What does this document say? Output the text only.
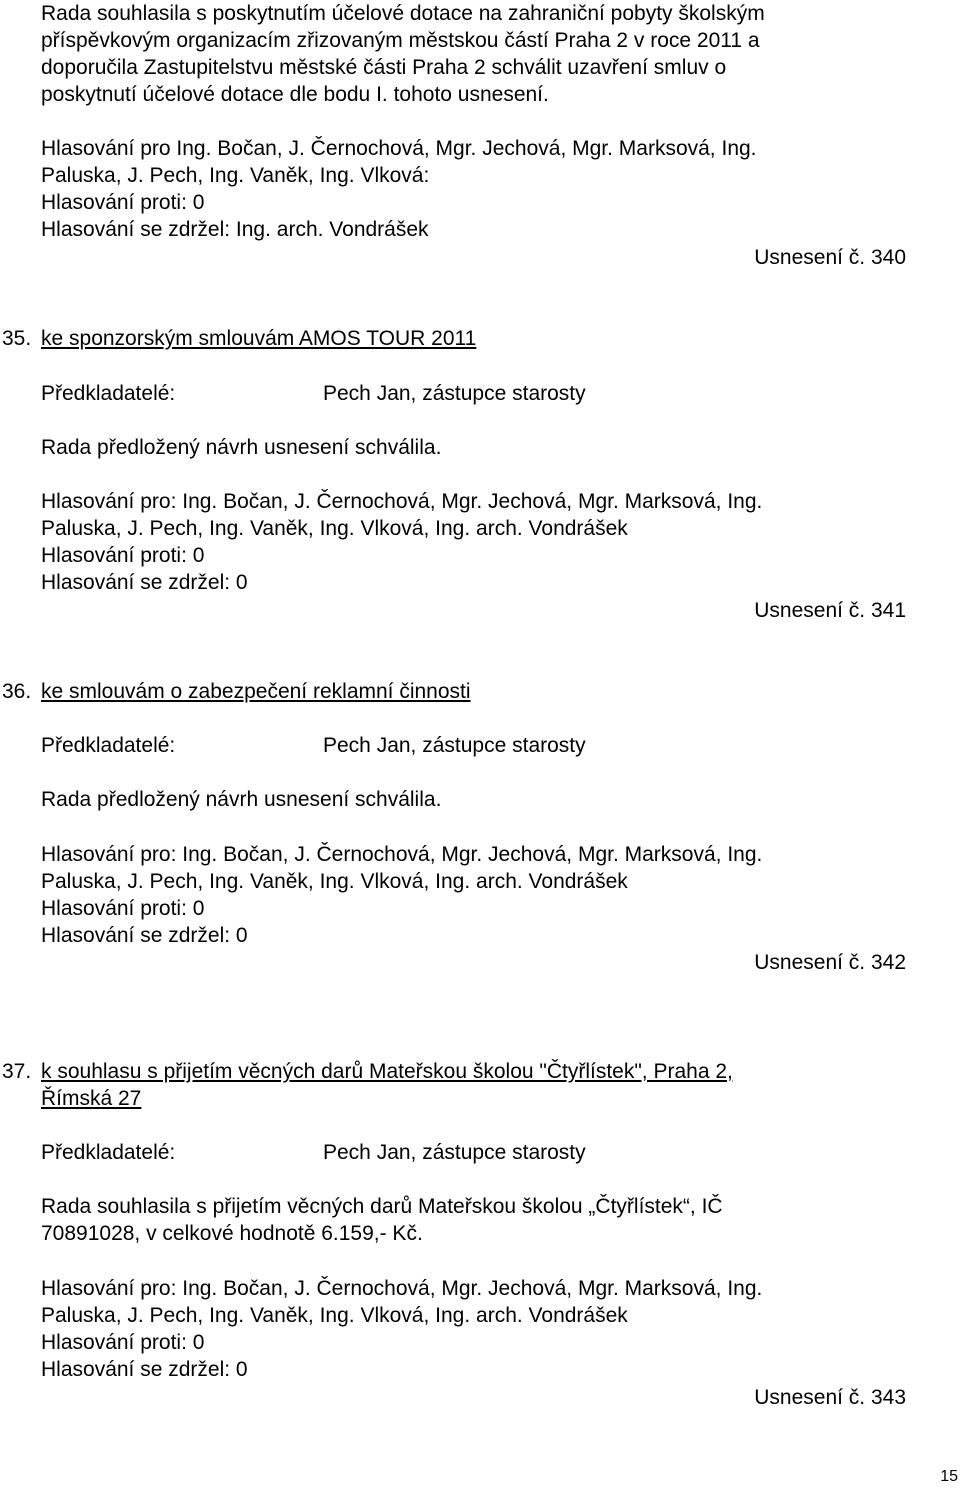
Rada souhlasila s poskytnutím účelové dotace na zahraniční pobyty školským
příspěvkovým organizacím zřizovaným městskou částí Praha 2 v roce 2011 a
doporučila Zastupitelstvu městské části Praha 2 schválit uzavření smluv o
poskytnutí účelové dotace dle bodu I. tohoto usnesení.
Hlasování pro Ing. Bočan, J. Černochová, Mgr. Jechová, Mgr. Marksová, Ing.
Paluska, J. Pech, Ing. Vaněk, Ing. Vlková:
Hlasování proti: 0
Hlasování se zdržel: Ing. arch. Vondrášek
Usnesení č. 340
35. ke sponzorským smlouvám AMOS TOUR 2011
Předkladatelé:	Pech Jan, zástupce starosty
Rada předložený návrh usnesení schválila.
Hlasování pro: Ing. Bočan, J. Černochová, Mgr. Jechová, Mgr. Marksová, Ing.
Paluska, J. Pech, Ing. Vaněk, Ing. Vlková, Ing. arch. Vondrášek
Hlasování proti: 0
Hlasování se zdržel: 0
Usnesení č. 341
36. ke smlouvám o zabezpečení reklamní činnosti
Předkladatelé:	Pech Jan, zástupce starosty
Rada předložený návrh usnesení schválila.
Hlasování pro: Ing. Bočan, J. Černochová, Mgr. Jechová, Mgr. Marksová, Ing.
Paluska, J. Pech, Ing. Vaněk, Ing. Vlková, Ing. arch. Vondrášek
Hlasování proti: 0
Hlasování se zdržel: 0
Usnesení č. 342
37. k souhlasu s přijetím věcných darů Mateřskou školou "Čtyřlístek", Praha 2,
Římská 27
Předkladatelé:	Pech Jan, zástupce starosty
Rada souhlasila s přijetím věcných darů Mateřskou školou „Čtyřlístek“, IČ
70891028, v celkové hodnotě 6.159,- Kč.
Hlasování pro: Ing. Bočan, J. Černochová, Mgr. Jechová, Mgr. Marksová, Ing.
Paluska, J. Pech, Ing. Vaněk, Ing. Vlková, Ing. arch. Vondrášek
Hlasování proti: 0
Hlasování se zdržel: 0
Usnesení č. 343
15
